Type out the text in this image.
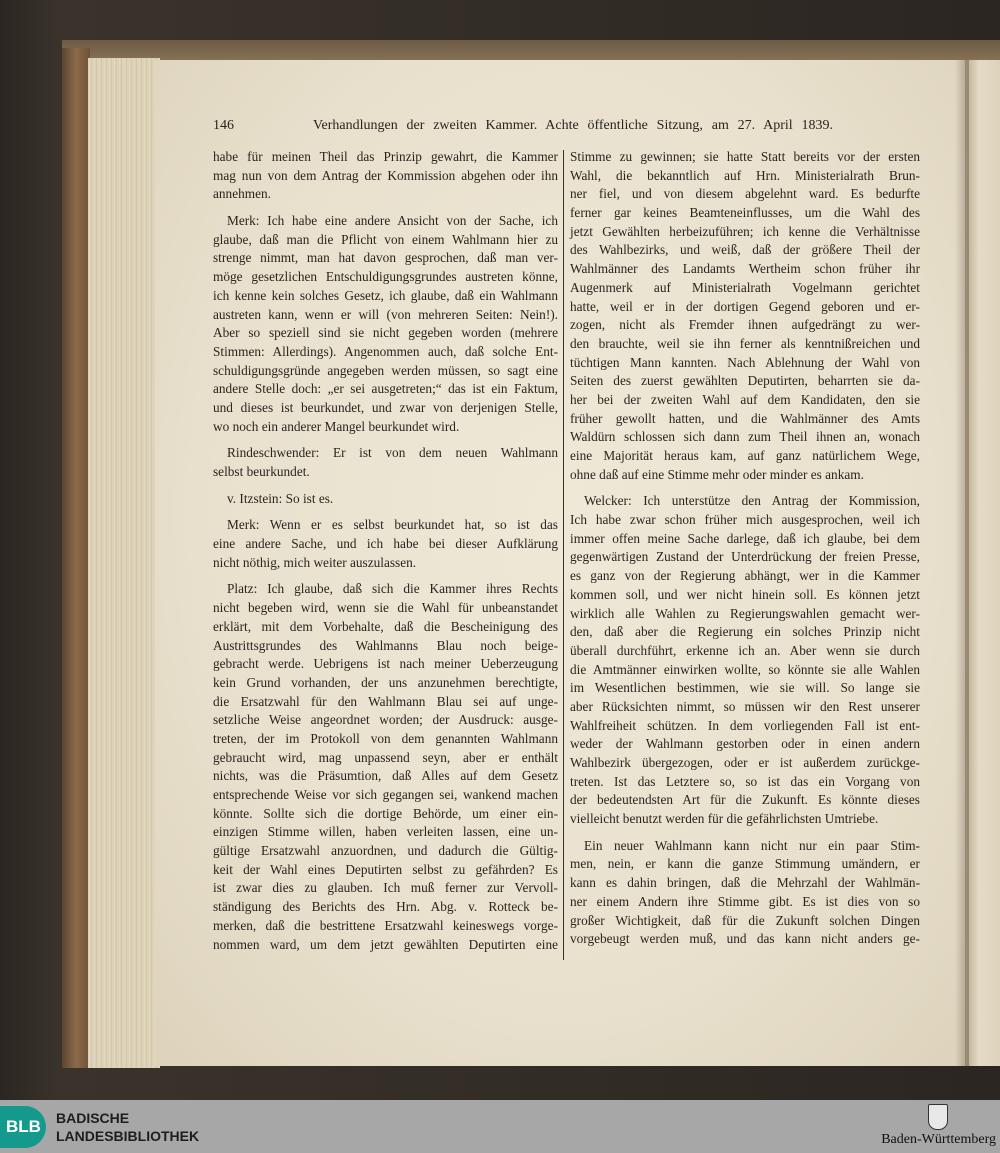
146	Verhandlungen der zweiten Kammer. Achte öffentliche Sitzung, am 27. April 1839.
habe für meinen Theil das Prinzip gewahrt, die Kammer
mag nun von dem Antrag der Kommission abgehen oder ihn
annehmen.
Merk: Ich habe eine andere Ansicht von der Sache, ich
glaube, daß man die Pflicht von einem Wahlmann hier zu
strenge nimmt, man hat davon gesprochen, daß man ver-
möge gesetzlichen Entschuldigungsgrundes austreten könne,
ich kenne kein solches Gesetz, ich glaube, daß ein Wahlmann
austreten kann, wenn er will (von mehreren Seiten: Nein!).
Aber so speziell sind sie nicht gegeben worden (mehrere
Stimmen: Allerdings). Angenommen auch, daß solche Ent-
schuldigungsgründe angegeben werden müssen, so sagt eine
andere Stelle doch: „er sei ausgetreten;“ das ist ein Faktum,
und dieses ist beurkundet, und zwar von derjenigen Stelle,
wo noch ein anderer Mangel beurkundet wird.
Rindeschwender: Er ist von dem neuen Wahlmann
selbst beurkundet.
v. Itzstein: So ist es.
Merk: Wenn er es selbst beurkundet hat, so ist das
eine andere Sache, und ich habe bei dieser Aufklärung
nicht nöthig, mich weiter auszulassen.
Platz: Ich glaube, daß sich die Kammer ihres Rechts
nicht begeben wird, wenn sie die Wahl für unbeanstandet
erklärt, mit dem Vorbehalte, daß die Bescheinigung des
Austrittsgrundes des Wahlmanns Blau noch beige-
gebracht werde. Uebrigens ist nach meiner Ueberzeugung
kein Grund vorhanden, der uns anzunehmen berechtigte,
die Ersatzwahl für den Wahlmann Blau sei auf unge-
setzliche Weise angeordnet worden; der Ausdruck: ausge-
treten, der im Protokoll von dem genannten Wahlmann
gebraucht wird, mag unpassend seyn, aber er enthält
nichts, was die Präsumtion, daß Alles auf dem Gesetz
entsprechende Weise vor sich gegangen sei, wankend machen
könnte. Sollte sich die dortige Behörde, um einer ein-
einzigen Stimme willen, haben verleiten lassen, eine un-
gültige Ersatzwahl anzuordnen, und dadurch die Gültig-
keit der Wahl eines Deputirten selbst zu gefährden? Es
ist zwar dies zu glauben. Ich muß ferner zur Vervoll-
ständigung des Berichts des Hrn. Abg. v. Rotteck be-
merken, daß die bestrittene Ersatzwahl keineswegs vorge-
nommen ward, um dem jetzt gewählten Deputirten eine
Stimme zu gewinnen; sie hatte Statt bereits vor der ersten
Wahl, die bekanntlich auf Hrn. Ministerialrath Brun-
ner fiel, und von diesem abgelehnt ward. Es bedurfte
ferner gar keines Beamteneinflusses, um die Wahl des
jetzt Gewählten herbeizuführen; ich kenne die Verhältnisse
des Wahlbezirks, und weiß, daß der größere Theil der
Wahlmänner des Landamts Wertheim schon früher ihr
Augenmerk auf Ministerialrath Vogelmann gerichtet
hatte, weil er in der dortigen Gegend geboren und er-
zogen, nicht als Fremder ihnen aufgedrängt zu wer-
den brauchte, weil sie ihn ferner als kenntnißreichen und
tüchtigen Mann kannten. Nach Ablehnung der Wahl von
Seiten des zuerst gewählten Deputirten, beharrten sie da-
her bei der zweiten Wahl auf dem Kandidaten, den sie
früher gewollt hatten, und die Wahlmänner des Amts
Waldürn schlossen sich dann zum Theil ihnen an, wonach
eine Majorität heraus kam, auf ganz natürlichem Wege,
ohne daß auf eine Stimme mehr oder minder es ankam.
Welcker: Ich unterstütze den Antrag der Kommission,
Ich habe zwar schon früher mich ausgesprochen, weil ich
immer offen meine Sache darlege, daß ich glaube, bei dem
gegenwärtigen Zustand der Unterdrückung der freien Presse,
es ganz von der Regierung abhängt, wer in die Kammer
kommen soll, und wer nicht hinein soll. Es können jetzt
wirklich alle Wahlen zu Regierungswahlen gemacht wer-
den, daß aber die Regierung ein solches Prinzip nicht
überall durchführt, erkenne ich an. Aber wenn sie durch
die Amtmänner einwirken wollte, so könnte sie alle Wahlen
im Wesentlichen bestimmen, wie sie will. So lange sie
aber Rücksichten nimmt, so müssen wir den Rest unserer
Wahlfreiheit schützen. In dem vorliegenden Fall ist ent-
weder der Wahlmann gestorben oder in einen andern
Wahlbezirk übergezogen, oder er ist außerdem zurückge-
treten. Ist das Letztere so, so ist das ein Vorgang von
der bedeutendsten Art für die Zukunft. Es könnte dieses
vielleicht benutzt werden für die gefährlichsten Umtriebe.
Ein neuer Wahlmann kann nicht nur ein paar Stim-
men, nein, er kann die ganze Stimmung umändern, er
kann es dahin bringen, daß die Mehrzahl der Wahlmän-
ner einem Andern ihre Stimme gibt. Es ist dies von so
großer Wichtigkeit, daß für die Zukunft solchen Dingen
vorgebeugt werden muß, und das kann nicht anders ge-
BLB	BADISCHE
LANDESBIBLIOTHEK	Baden-Württemberg
